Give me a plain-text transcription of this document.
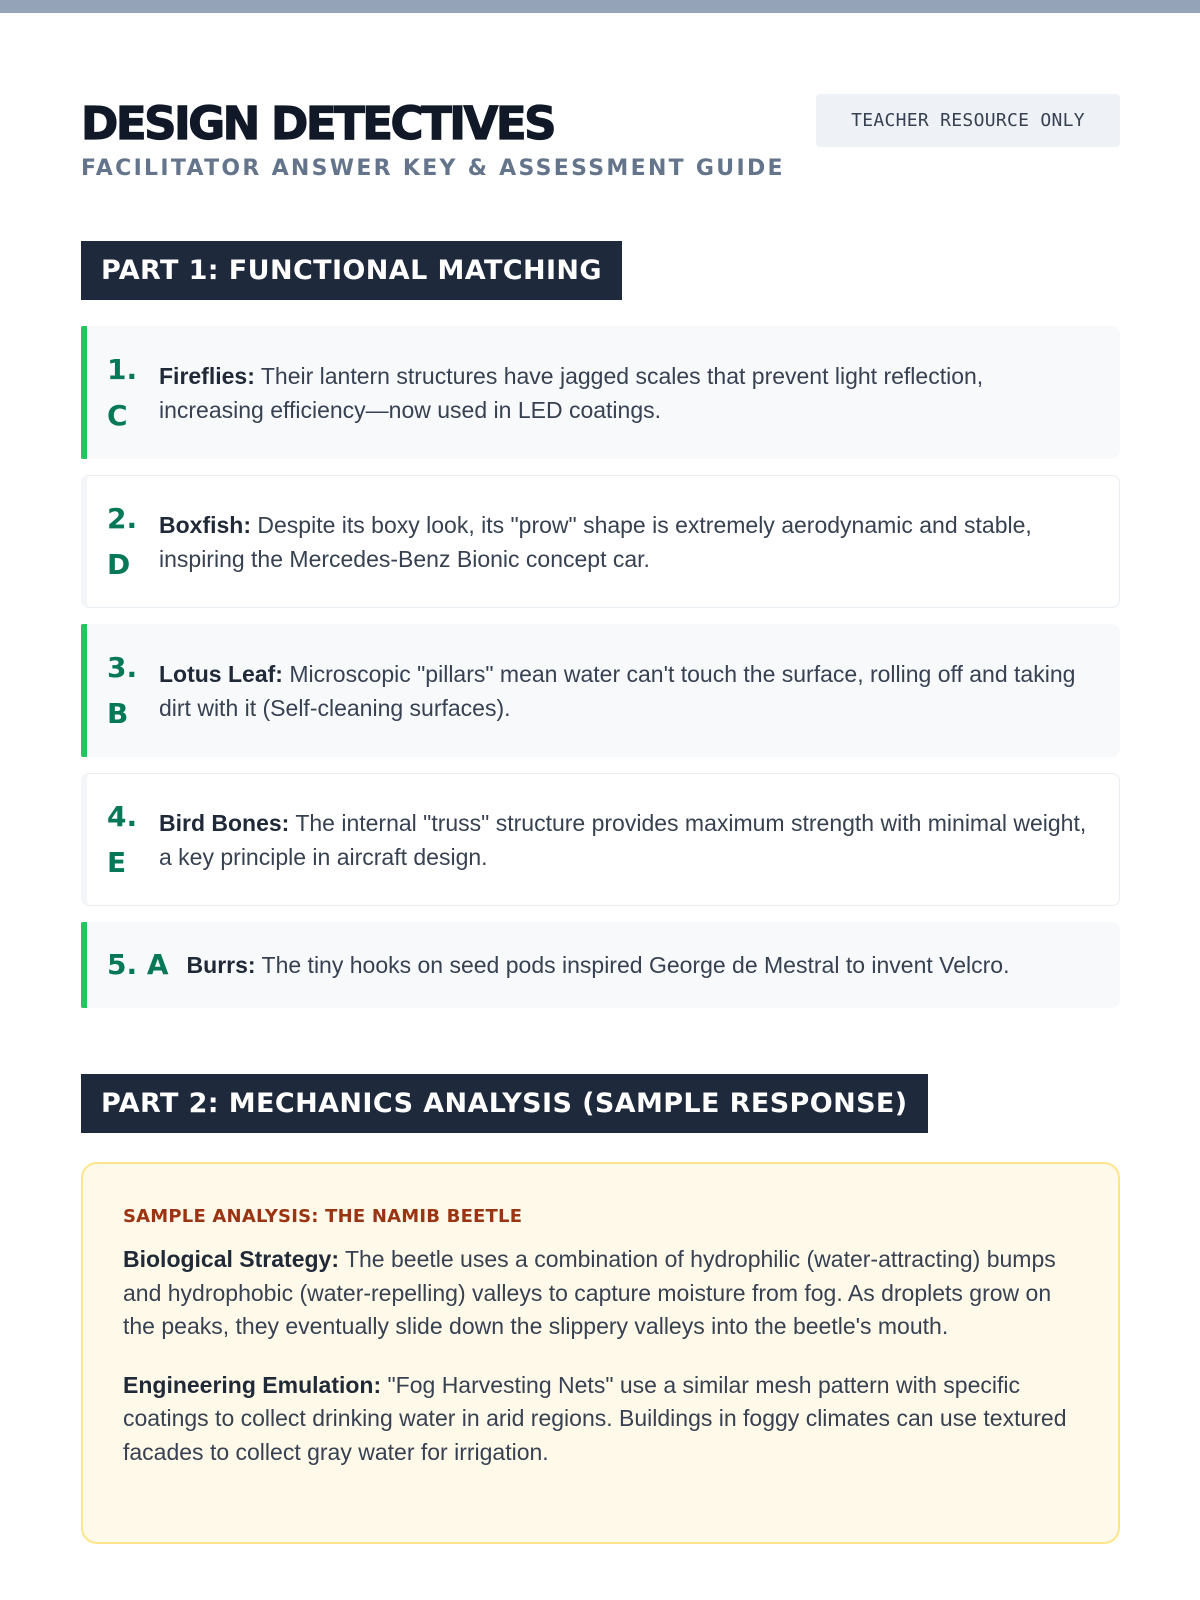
DESIGN DETECTIVES
FACILITATOR ANSWER KEY & ASSESSMENT GUIDE
TEACHER RESOURCE ONLY
PART 1: FUNCTIONAL MATCHING
1.
C
Fireflies: Their lantern structures have jagged scales that prevent light reflection, increasing efficiency—now used in LED coatings.
2.
D
Boxfish: Despite its boxy look, its "prow" shape is extremely aerodynamic and stable, inspiring the Mercedes-Benz Bionic concept car.
3.
B
Lotus Leaf: Microscopic "pillars" mean water can't touch the surface, rolling off and taking dirt with it (Self-cleaning surfaces).
4.
E
Bird Bones: The internal "truss" structure provides maximum strength with minimal weight, a key principle in aircraft design.
5. A Burrs: The tiny hooks on seed pods inspired George de Mestral to invent Velcro.
PART 2: MECHANICS ANALYSIS (SAMPLE RESPONSE)
SAMPLE ANALYSIS: THE NAMIB BEETLE

Biological Strategy: The beetle uses a combination of hydrophilic (water-attracting) bumps and hydrophobic (water-repelling) valleys to capture moisture from fog. As droplets grow on the peaks, they eventually slide down the slippery valleys into the beetle's mouth.

Engineering Emulation: "Fog Harvesting Nets" use a similar mesh pattern with specific coatings to collect drinking water in arid regions. Buildings in foggy climates can use textured facades to collect gray water for irrigation.
